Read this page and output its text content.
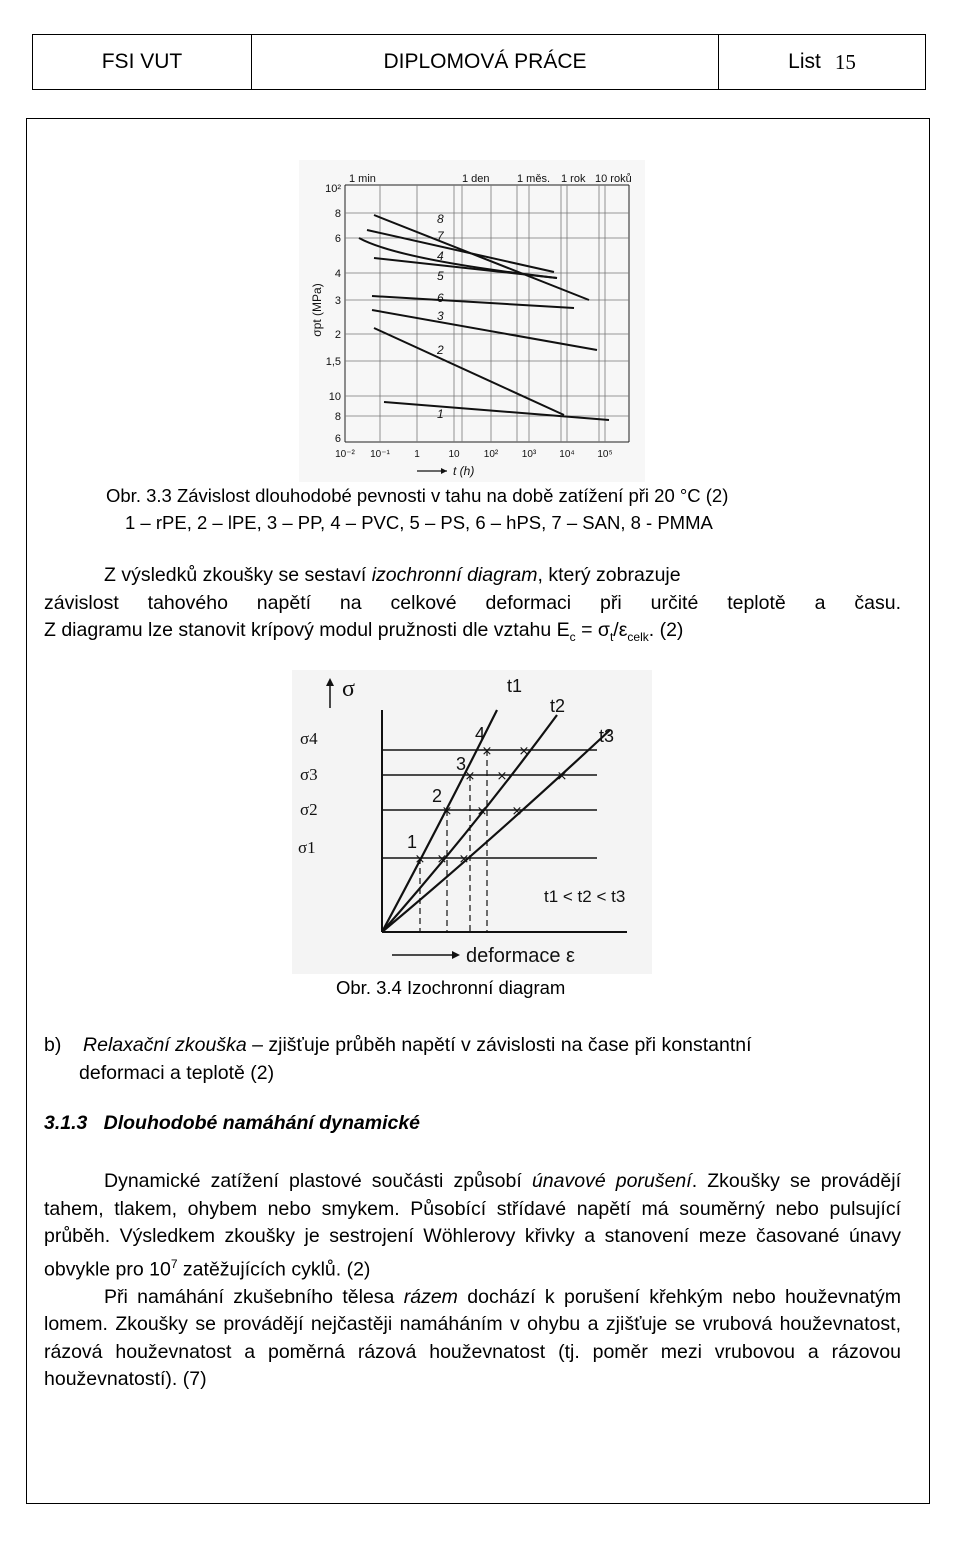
FSI VUT	DIPLOMOVÁ PRÁCE	List 15
1 min	1 den 1 měs. 1 rok 10 roků
10²
8
6
4
3
2
1,5
10
8
6
σpt (MPa)
10⁻² 10⁻¹ 1	10 10² 10³ 10⁴ 10⁵
t (h)
8
7
4
5
6
3
2
1
Obr. 3.3 Závislost dlouhodobé pevnosti v tahu na době zatížení při 20 °C (2)
1 – rPE, 2 – lPE, 3 – PP, 4 – PVC, 5 – PS, 6 – hPS, 7 – SAN, 8 - PMMA

Z výsledků zkoušky se sestaví izochronní diagram, který zobrazuje

závislost tahového napětí na celkové deformaci při určité teplotě a času.

Z diagramu lze stanovit krípový modul pružnosti dle vztahu $E_c = \sigma_t/\varepsilon_{celk}$. (2)

σ
σ4
σ3
σ2
σ1
× × ×
× × ×
× ×	×
× ×
t1
t2
t3
4
3
2
1
t1 < t2 < t3
deformace ε
Obr. 3.4 Izochronní diagram

b) Relaxační zkouška – zjišťuje průběh napětí v závislosti na čase při konstantní

deformaci a teplotě (2)

3.1.3 Dlouhodobé namáhání dynamické

Dynamické zatížení plastové součásti způsobí únavové porušení. Zkoušky se provádějí tahem, tlakem, ohybem nebo smykem. Působící střídavé napětí má souměrný nebo pulsující průběh. Výsledkem zkoušky je sestrojení Wöhlerovy křivky a stanovení meze časované únavy obvykle pro $10^7$ zatěžujících cyklů. (2)

Při namáhání zkušebního tělesa rázem dochází k porušení křehkým nebo houževnatým lomem. Zkoušky se provádějí nejčastěji namáháním v ohybu a zjišťuje se vrubová houževnatost, rázová houževnatost a poměrná rázová houževnatost (tj. poměr mezi vrubovou a rázovou houževnatostí). (7)
